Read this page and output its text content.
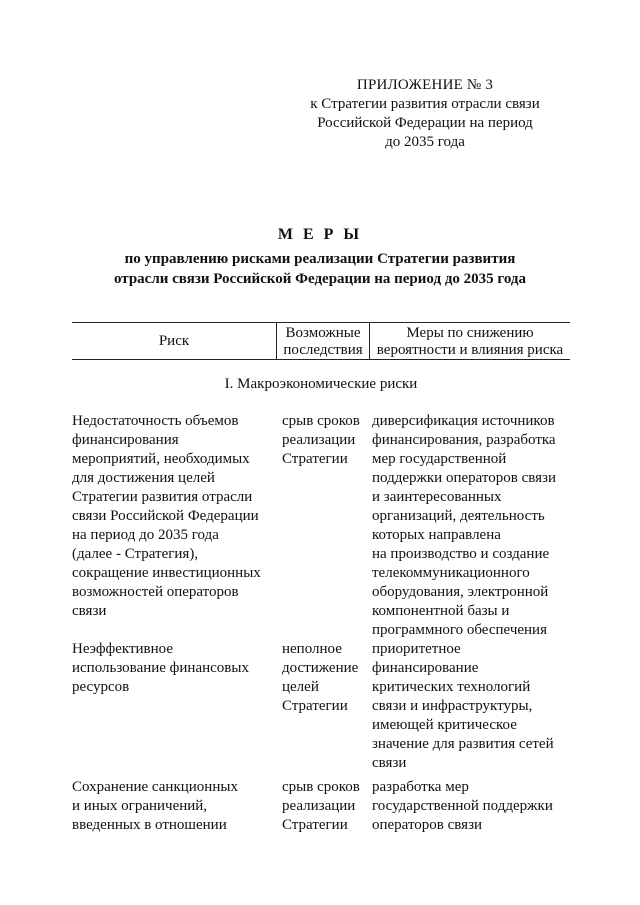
ПРИЛОЖЕНИЕ № 3
к Стратегии развития отрасли связи
Российской Федерации на период
до 2035 года
М Е Р Ы
по управлению рисками реализации Стратегии развития
отрасли связи Российской Федерации на период до 2035 года
Риск	Возможные
последствия
Меры по снижению
вероятности и влияния риска
I. Макроэкономические риски
Недостаточность объемов
финансирования
мероприятий, необходимых
для достижения целей
Стратегии развития отрасли
связи Российской Федерации
на период до 2035 года
(далее - Стратегия),
сокращение инвестиционных
возможностей операторов
связи
срыв сроков
реализации
Стратегии
диверсификация источников
финансирования, разработка
мер государственной
поддержки операторов связи
и заинтересованных
организаций, деятельность
которых направлена
на производство и создание
телекоммуникационного
оборудования, электронной
компонентной базы и
программного обеспечения
Неэффективное
использование финансовых
ресурсов
неполное
достижение
целей
Стратегии
приоритетное
финансирование
критических технологий
связи и инфраструктуры,
имеющей критическое
значение для развития сетей
связи
Сохранение санкционных
и иных ограничений,
введенных в отношении
срыв сроков
реализации
Стратегии
разработка мер
государственной поддержки
операторов связи
